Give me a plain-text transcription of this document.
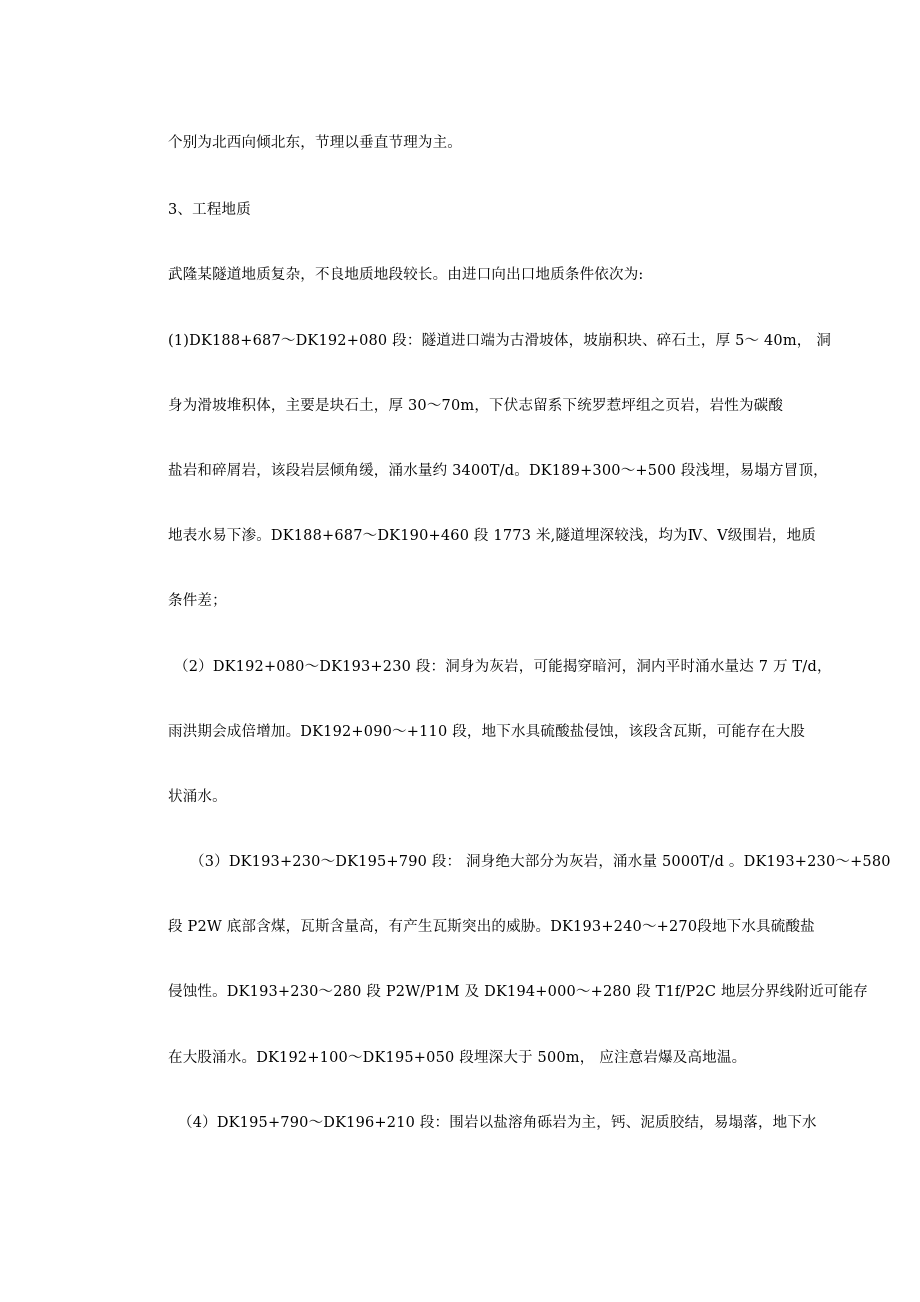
个别为北西向倾北东，节理以垂直节理为主。
3、工程地质
武隆某隧道地质复杂，不良地质地段较长。由进口向出口地质条件依次为:
(1)DK188+687～DK192+080 段：隧道进口端为古滑坡体，坡崩积块、碎石土，厚 5～ 40m， 洞
身为滑坡堆积体，主要是块石土，厚 30～70m，下伏志留系下统罗惹坪组之页岩，岩性为碳酸
盐岩和碎屑岩，该段岩层倾角缓，涌水量约 3400T/d。DK189+300～+500 段浅埋，易塌方冒顶，
地表水易下渗。DK188+687～DK190+460 段 1773 米,隧道埋深较浅，均为Ⅳ、Ⅴ级围岩，地质
条件差；
（2）DK192+080～DK193+230 段：洞身为灰岩，可能揭穿暗河，洞内平时涌水量达 7 万 T/d，
雨洪期会成倍增加。DK192+090～+110 段，地下水具硫酸盐侵蚀，该段含瓦斯，可能存在大股
状涌水。
（3）DK193+230～DK195+790 段： 洞身绝大部分为灰岩，涌水量 5000T/d 。DK193+230～+580
段 P2W 底部含煤，瓦斯含量高，有产生瓦斯突出的威胁。DK193+240～+270段地下水具硫酸盐
侵蚀性。DK193+230～280 段 P2W/P1M 及 DK194+000～+280 段 T1f/P2C 地层分界线附近可能存
在大股涌水。DK192+100～DK195+050 段埋深大于 500m， 应注意岩爆及高地温。
（4）DK195+790～DK196+210 段：围岩以盐溶角砾岩为主，钙、泥质胶结，易塌落，地下水
